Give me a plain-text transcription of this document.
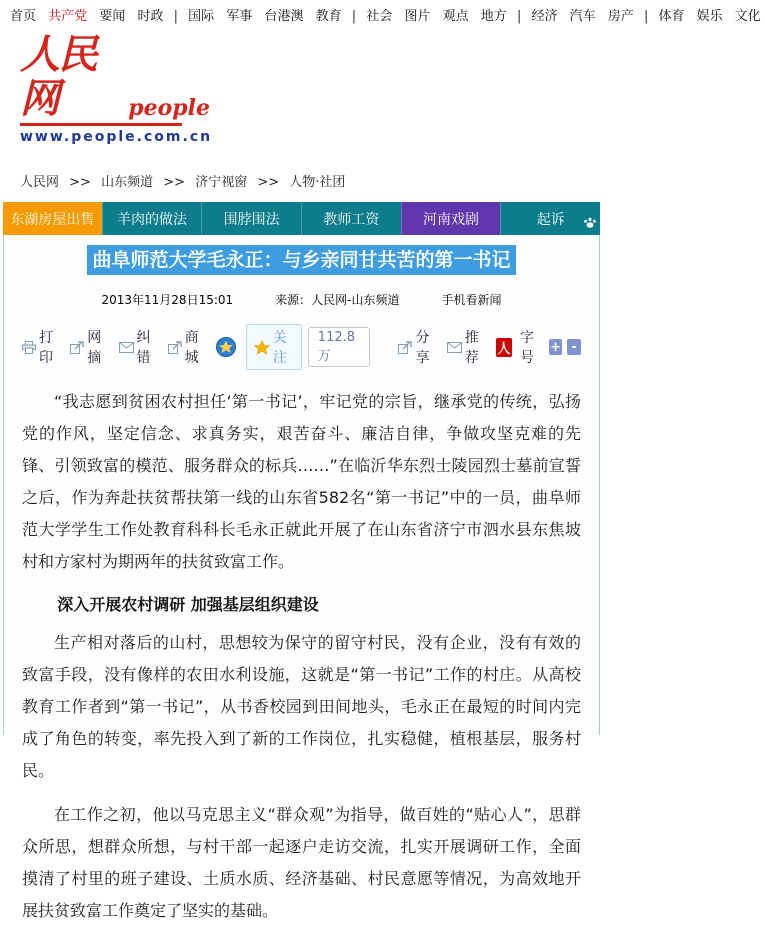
首页 共产党 要闻 时政 | 国际 军事 台港澳 教育 | 社会 图片 观点 地方 | 经济 汽车 房产 | 体育 娱乐 文化
人民网	people
www.people.com.cn
人民网 >> 山东频道 >> 济宁视窗 >> 人物·社团
东湖房屋出售 羊肉的做法	围脖围法	教师工资	河南戏剧	起诉
曲阜师范大学毛永正：与乡亲同甘共苦的第一书记
2013年11月28日15:01	来源：人民网-山东频道	手机看新闻
打印
网摘
纠错
商城
关注
112.8万
分享
推荐
人
字号
+ -

“我志愿到贫困农村担任‘第一书记’，牢记党的宗旨，继承党的传统，弘扬党的作风，坚定信念、求真务实，艰苦奋斗、廉洁自律，争做攻坚克难的先锋、引领致富的模范、服务群众的标兵……”在临沂华东烈士陵园烈士墓前宣誓之后，作为奔赴扶贫帮扶第一线的山东省582名“第一书记”中的一员，曲阜师范大学学生工作处教育科科长毛永正就此开展了在山东省济宁市泗水县东焦坡村和方家村为期两年的扶贫致富工作。

深入开展农村调研 加强基层组织建设

生产相对落后的山村，思想较为保守的留守村民，没有企业，没有有效的致富手段，没有像样的农田水利设施，这就是“第一书记”工作的村庄。从高校教育工作者到“第一书记”，从书香校园到田间地头，毛永正在最短的时间内完成了角色的转变，率先投入到了新的工作岗位，扎实稳健，植根基层，服务村民。

在工作之初，他以马克思主义“群众观”为指导，做百姓的“贴心人”，思群众所思，想群众所想，与村干部一起逐户走访交流，扎实开展调研工作，全面摸清了村里的班子建设、土质水质、经济基础、村民意愿等情况，为高效地开展扶贫致富工作奠定了坚实的基础。
